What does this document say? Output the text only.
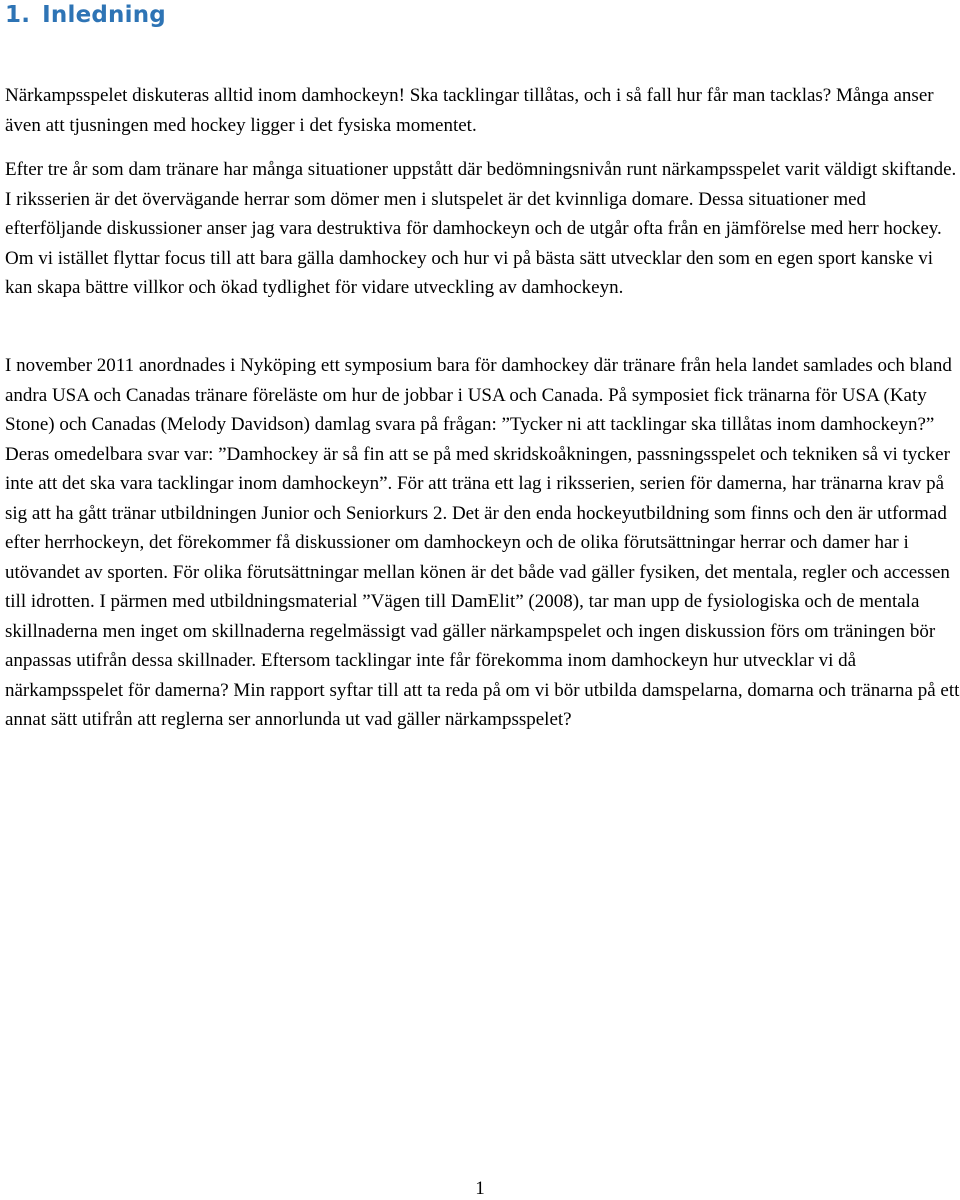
1. Inledning

Närkampsspelet diskuteras alltid inom damhockeyn! Ska tacklingar tillåtas, och i så fall hur får man tacklas? Många anser även att tjusningen med hockey ligger i det fysiska momentet.

Efter tre år som dam tränare har många situationer uppstått där bedömningsnivån runt närkampsspelet varit väldigt skiftande. I riksserien är det övervägande herrar som dömer men i slutspelet är det kvinnliga domare. Dessa situationer med efterföljande diskussioner anser jag vara destruktiva för damhockeyn och de utgår ofta från en jämförelse med herr hockey. Om vi istället flyttar focus till att bara gälla damhockey och hur vi på bästa sätt utvecklar den som en egen sport kanske vi kan skapa bättre villkor och ökad tydlighet för vidare utveckling av damhockeyn.

I november 2011 anordnades i Nyköping ett symposium bara för damhockey där tränare från hela landet samlades och bland andra USA och Canadas tränare föreläste om hur de jobbar i USA och Canada. På symposiet fick tränarna för USA (Katy Stone) och Canadas (Melody Davidson) damlag svara på frågan: ”Tycker ni att tacklingar ska tillåtas inom damhockeyn?” Deras omedelbara svar var: ”Damhockey är så fin att se på med skridskoåkningen, passningsspelet och tekniken så vi tycker inte att det ska vara tacklingar inom damhockeyn”. För att träna ett lag i riksserien, serien för damerna, har tränarna krav på sig att ha gått tränar utbildningen Junior och Seniorkurs 2. Det är den enda hockeyutbildning som finns och den är utformad efter herrhockeyn, det förekommer få diskussioner om damhockeyn och de olika förutsättningar herrar och damer har i utövandet av sporten. För olika förutsättningar mellan könen är det både vad gäller fysiken, det mentala, regler och accessen till idrotten. I pärmen med utbildningsmaterial ”Vägen till DamElit” (2008), tar man upp de fysiologiska och de mentala skillnaderna men inget om skillnaderna regelmässigt vad gäller närkampspelet och ingen diskussion förs om träningen bör anpassas utifrån dessa skillnader. Eftersom tacklingar inte får förekomma inom damhockeyn hur utvecklar vi då närkampsspelet för damerna? Min rapport syftar till att ta reda på om vi bör utbilda damspelarna, domarna och tränarna på ett annat sätt utifrån att reglerna ser annorlunda ut vad gäller närkampsspelet?

1
